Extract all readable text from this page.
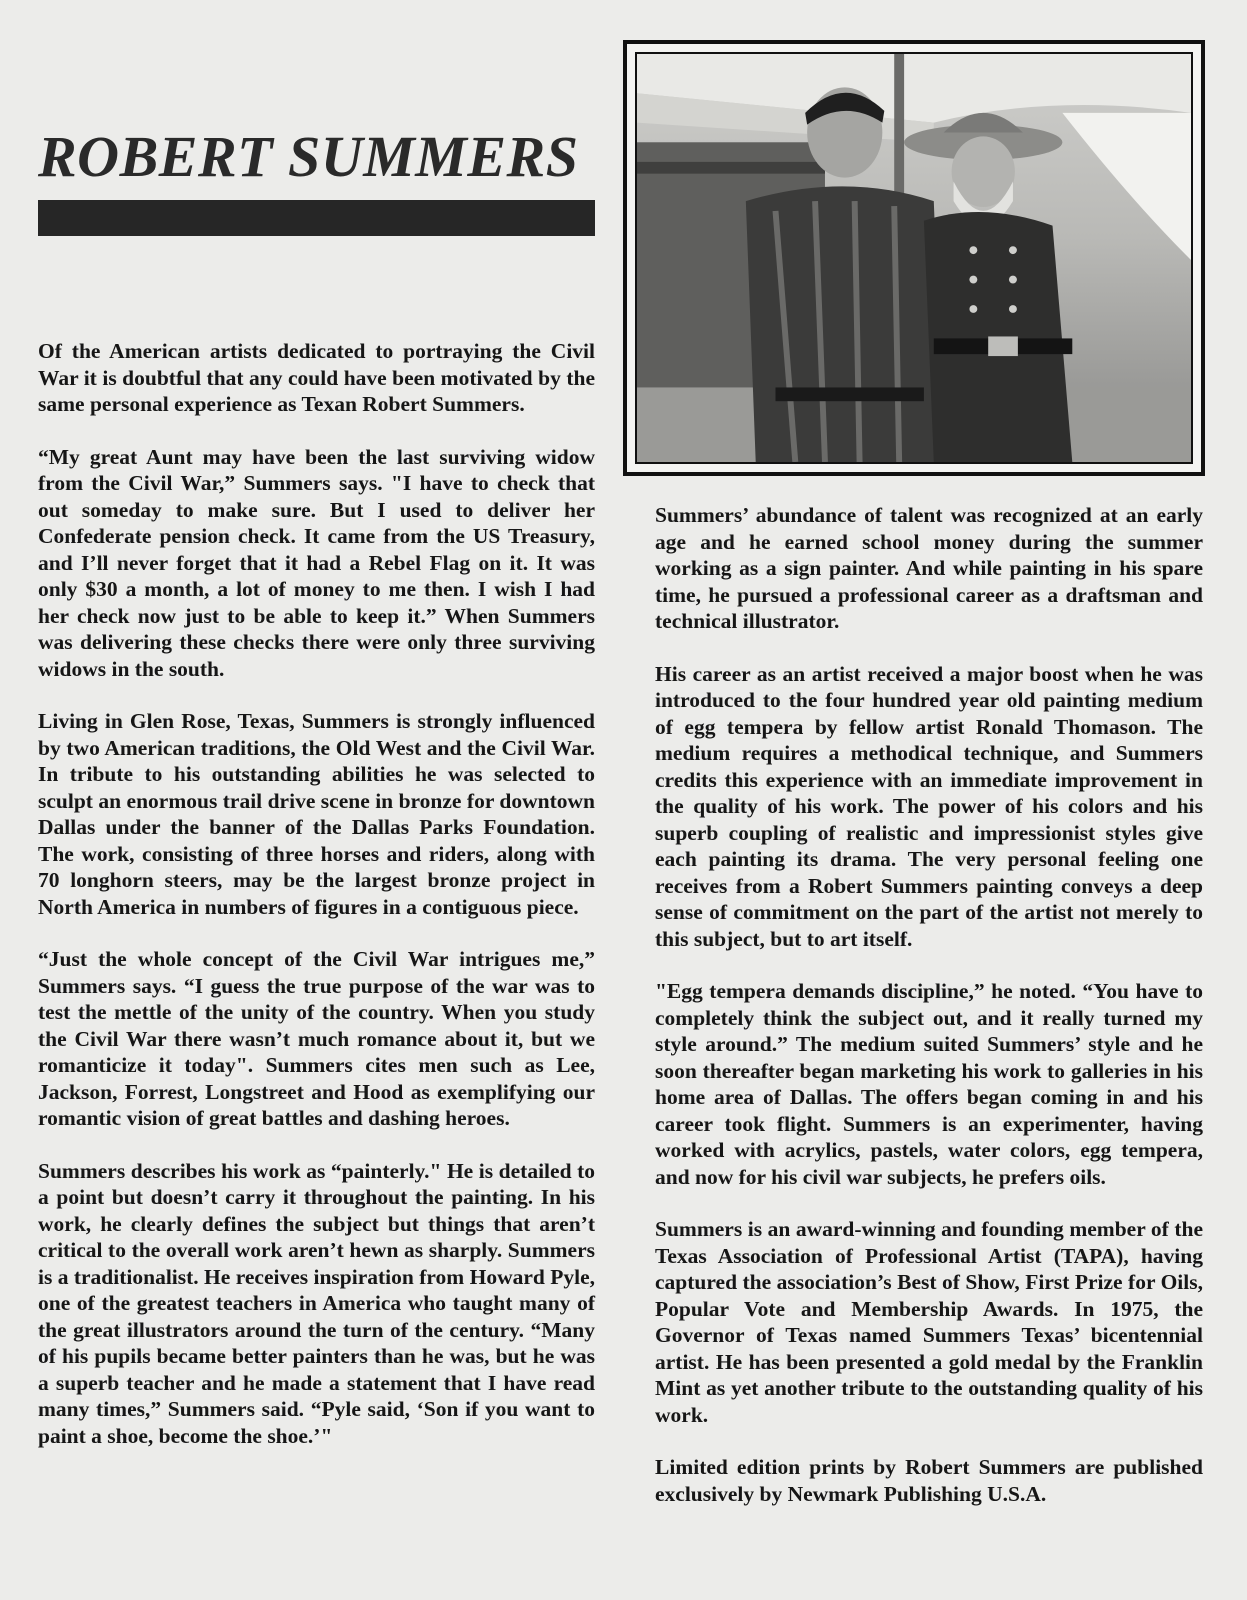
ROBERT SUMMERS

Of the American artists dedicated to portraying the Civil War it is doubtful that any could have been motivated by the same personal experience as Texan Robert Summers.

“My great Aunt may have been the last surviving widow from the Civil War,” Summers says. "I have to check that out someday to make sure. But I used to deliver her Confederate pension check. It came from the US Treasury, and I’ll never forget that it had a Rebel Flag on it. It was only $30 a month, a lot of money to me then. I wish I had her check now just to be able to keep it.” When Summers was delivering these checks there were only three surviving widows in the south.

Living in Glen Rose, Texas, Summers is strongly influenced by two American traditions, the Old West and the Civil War. In tribute to his outstanding abilities he was selected to sculpt an enormous trail drive scene in bronze for downtown Dallas under the banner of the Dallas Parks Foundation. The work, consisting of three horses and riders, along with 70 longhorn steers, may be the largest bronze project in North America in numbers of figures in a contiguous piece.

“Just the whole concept of the Civil War intrigues me,” Summers says. “I guess the true purpose of the war was to test the mettle of the unity of the country. When you study the Civil War there wasn’t much romance about it, but we romanticize it today". Summers cites men such as Lee, Jackson, Forrest, Longstreet and Hood as exemplifying our romantic vision of great battles and dashing heroes.

Summers describes his work as “painterly." He is detailed to a point but doesn’t carry it throughout the painting. In his work, he clearly defines the subject but things that aren’t critical to the overall work aren’t hewn as sharply. Summers is a traditionalist. He receives inspiration from Howard Pyle, one of the greatest teachers in America who taught many of the great illustrators around the turn of the century. “Many of his pupils became better painters than he was, but he was a superb teacher and he made a statement that I have read many times,” Summers said. “Pyle said, ‘Son if you want to paint a shoe, become the shoe.’"

Summers’ abundance of talent was recognized at an early age and he earned school money during the summer working as a sign painter. And while painting in his spare time, he pursued a professional career as a draftsman and technical illustrator.

His career as an artist received a major boost when he was introduced to the four hundred year old painting medium of egg tempera by fellow artist Ronald Thomason. The medium requires a methodical technique, and Summers credits this experience with an immediate improvement in the quality of his work. The power of his colors and his superb coupling of realistic and impressionist styles give each painting its drama. The very personal feeling one receives from a Robert Summers painting conveys a deep sense of commitment on the part of the artist not merely to this subject, but to art itself.

"Egg tempera demands discipline,” he noted. “You have to completely think the subject out, and it really turned my style around.” The medium suited Summers’ style and he soon thereafter began marketing his work to galleries in his home area of Dallas. The offers began coming in and his career took flight. Summers is an experimenter, having worked with acrylics, pastels, water colors, egg tempera, and now for his civil war subjects, he prefers oils.

Summers is an award-winning and founding member of the Texas Association of Professional Artist (TAPA), having captured the association’s Best of Show, First Prize for Oils, Popular Vote and Membership Awards. In 1975, the Governor of Texas named Summers Texas’ bicentennial artist. He has been presented a gold medal by the Franklin Mint as yet another tribute to the outstanding quality of his work.

Limited edition prints by Robert Summers are published exclusively by Newmark Publishing U.S.A.
